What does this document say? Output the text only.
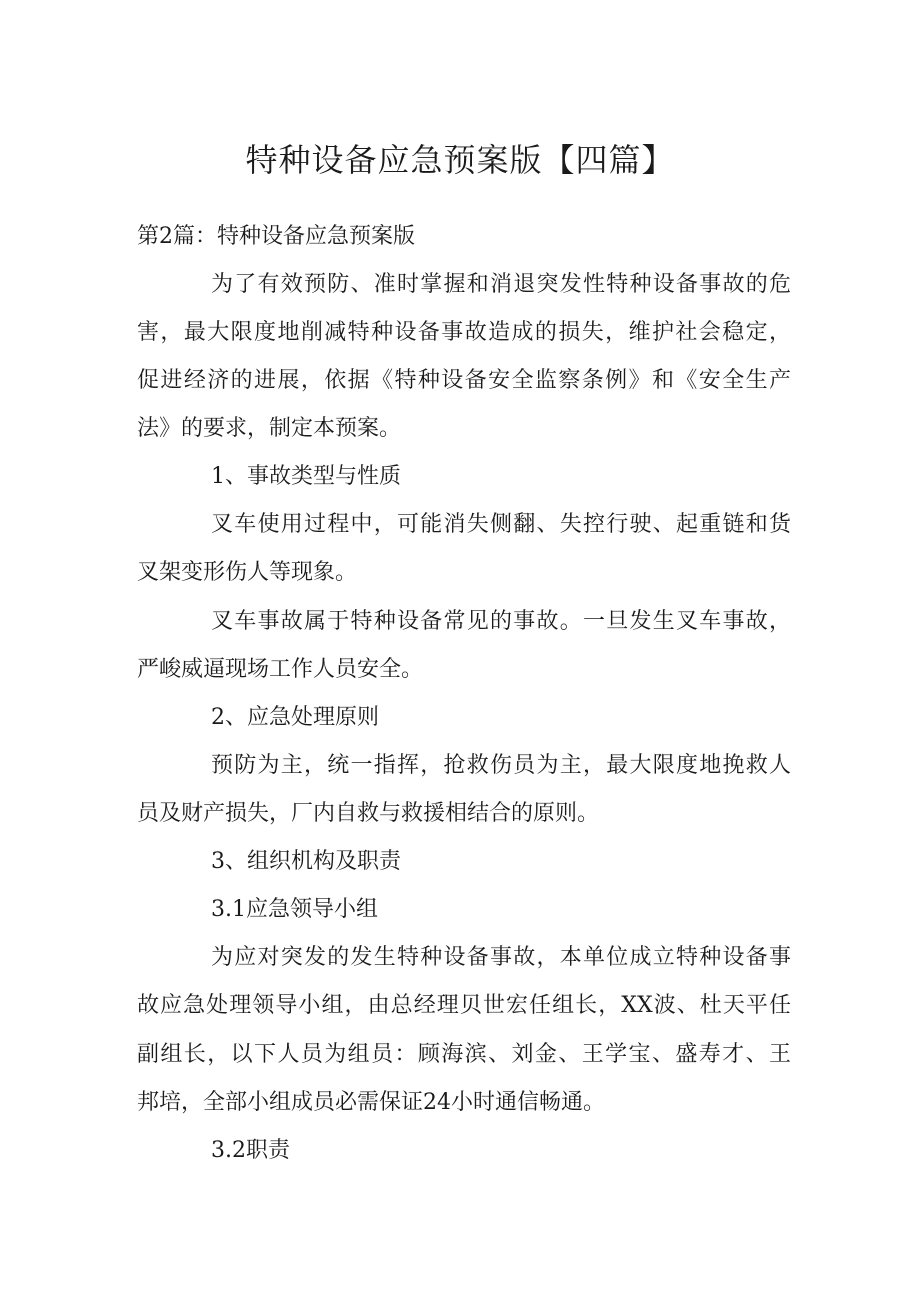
特种设备应急预案版【四篇】
第2篇：特种设备应急预案版
为了有效预防、准时掌握和消退突发性特种设备事故的危
害，最大限度地削减特种设备事故造成的损失，维护社会稳定，
促进经济的进展，依据《特种设备安全监察条例》和《安全生产
法》的要求，制定本预案。
1、事故类型与性质
叉车使用过程中，可能消失侧翻、失控行驶、起重链和货
叉架变形伤人等现象。
叉车事故属于特种设备常见的事故。一旦发生叉车事故，
严峻威逼现场工作人员安全。
2、应急处理原则
预防为主，统一指挥，抢救伤员为主，最大限度地挽救人
员及财产损失，厂内自救与救援相结合的原则。
3、组织机构及职责
3.1应急领导小组
为应对突发的发生特种设备事故，本单位成立特种设备事
故应急处理领导小组，由总经理贝世宏任组长，XX波、杜天平任
副组长，以下人员为组员：顾海滨、刘金、王学宝、盛寿才、王
邦培，全部小组成员必需保证24小时通信畅通。
3.2职责
